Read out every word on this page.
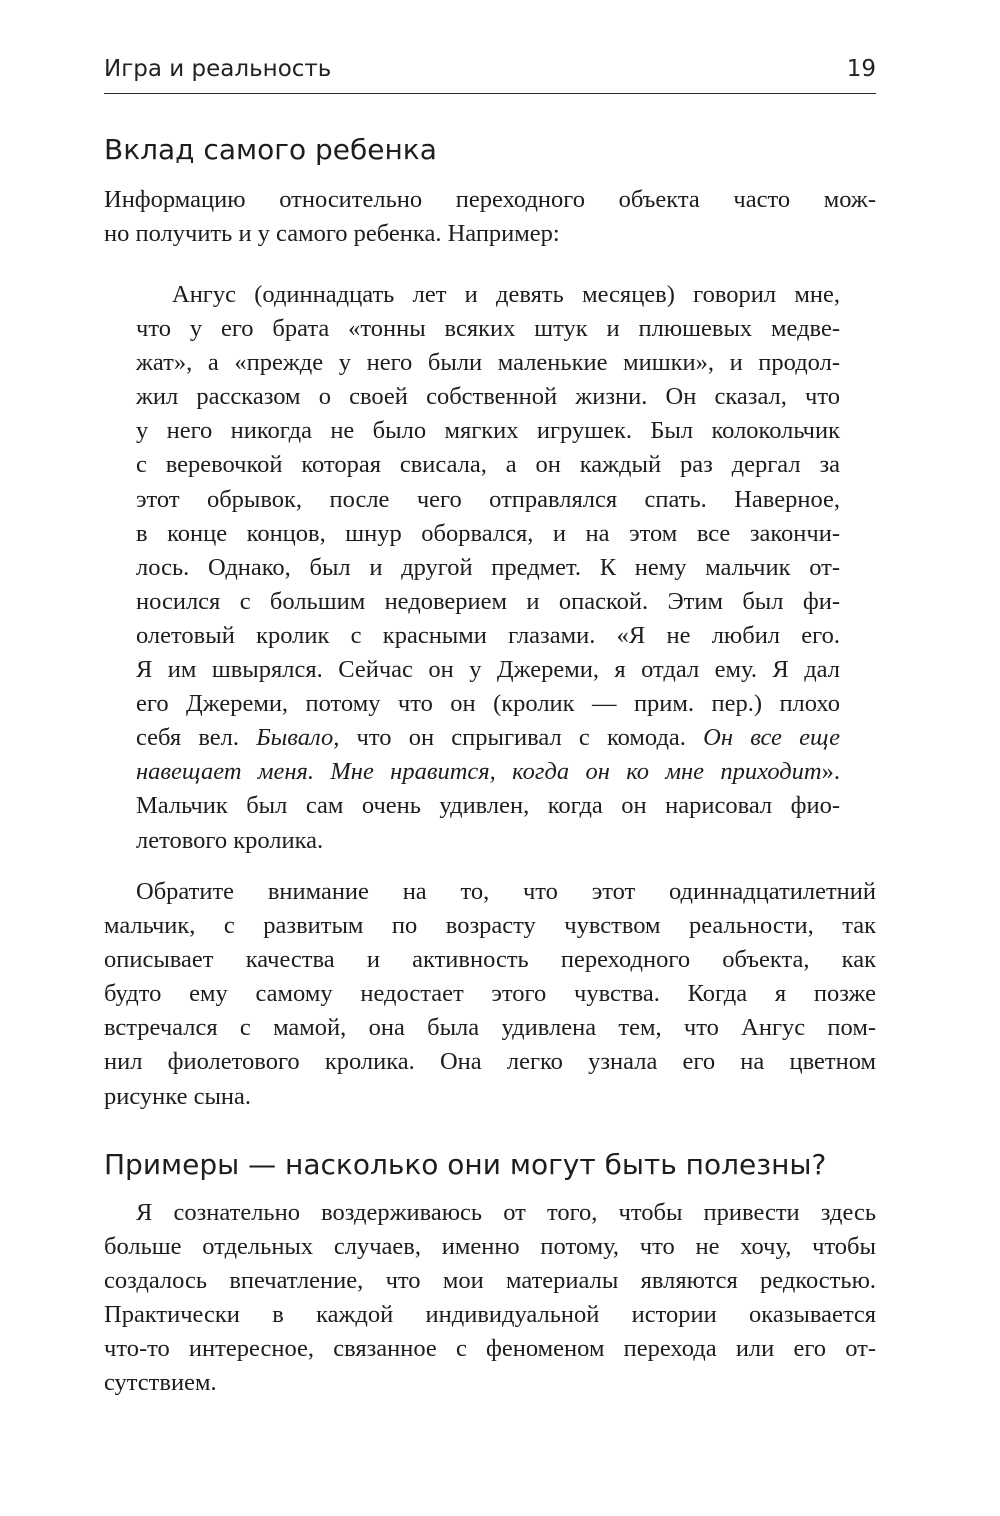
Игра и реальность	19
Вклад самого ребенка

Информацию относительно переходного объекта часто мож-
но получить и у самого ребенка. Например:

Ангус (одиннадцать лет и девять месяцев) говорил мне,
что у его брата «тонны всяких штук и плюшевых медве-
жат», а «прежде у него были маленькие мишки», и продол-
жил рассказом о своей собственной жизни. Он сказал, что
у него никогда не было мягких игрушек. Был колокольчик
с веревочкой которая свисала, а он каждый раз дергал за
этот обрывок, после чего отправлялся спать. Наверное,
в конце концов, шнур оборвался, и на этом все закончи-
лось. Однако, был и другой предмет. К нему мальчик от-
носился с большим недоверием и опаской. Этим был фи-
олетовый кролик с красными глазами. «Я не любил его.
Я им швырялся. Сейчас он у Джереми, я отдал ему. Я дал
его Джереми, потому что он (кролик — прим. пер.) плохо
себя вел. Бывало, что он спрыгивал с комода. Он все еще
навещает меня. Мне нравится, когда он ко мне приходит».
Мальчик был сам очень удивлен, когда он нарисовал фио-
летового кролика.

Обратите внимание на то, что этот одиннадцатилетний
мальчик, с развитым по возрасту чувством реальности, так
описывает качества и активность переходного объекта, как
будто ему самому недостает этого чувства. Когда я позже
встречался с мамой, она была удивлена тем, что Ангус пом-
нил фиолетового кролика. Она легко узнала его на цветном
рисунке сына.

Примеры — насколько они могут быть полезны?

Я сознательно воздерживаюсь от того, чтобы привести здесь
больше отдельных случаев, именно потому, что не хочу, чтобы
создалось впечатление, что мои материалы являются редкостью.
Практически в каждой индивидуальной истории оказывается
что-то интересное, связанное с феноменом перехода или его от-
сутствием.
